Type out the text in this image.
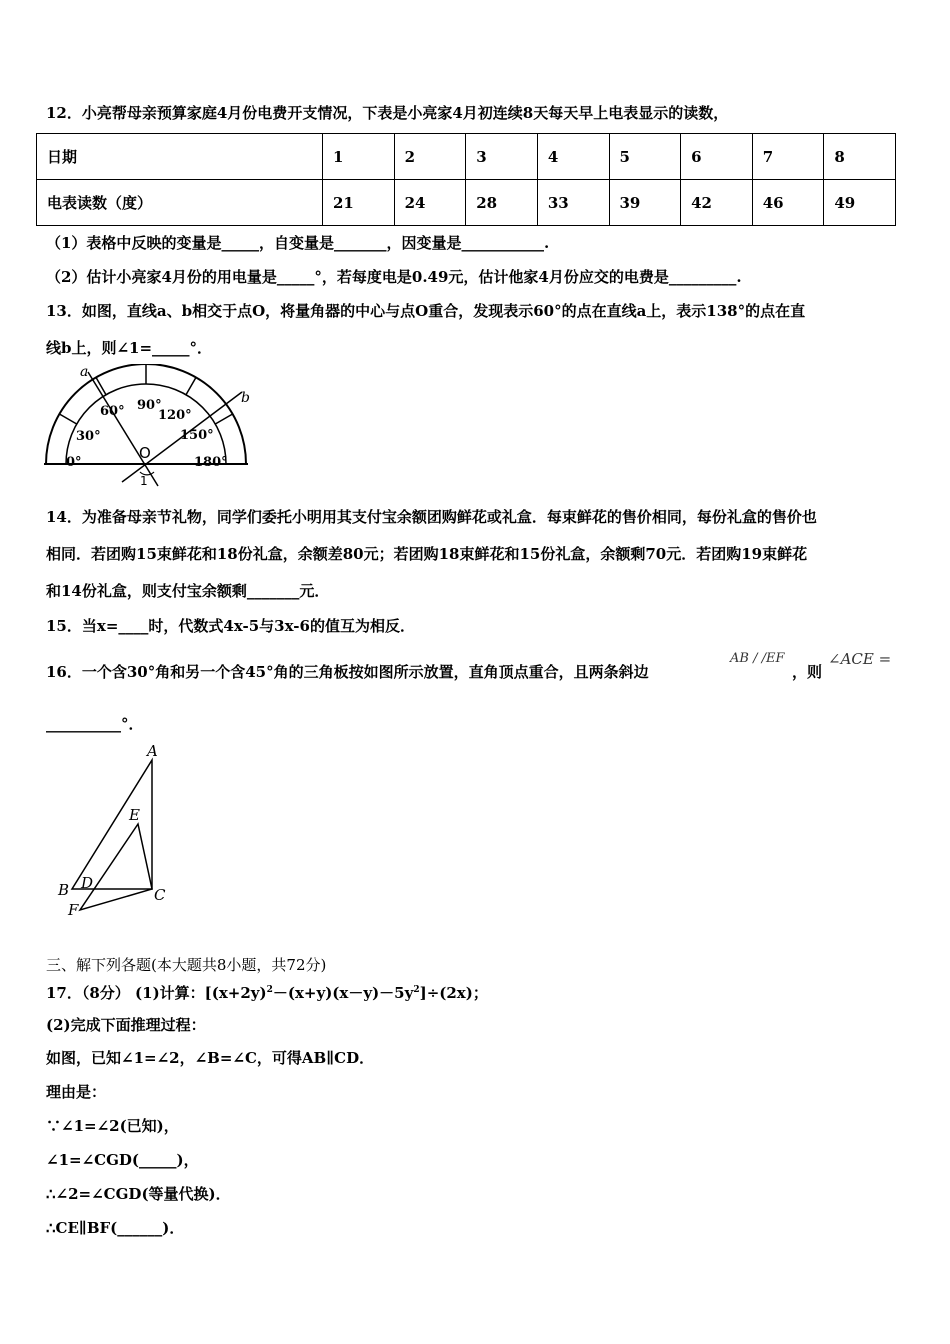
12．小亮帮母亲预算家庭4月份电费开支情况，下表是小亮家4月初连续8天每天早上电表显示的读数，
日期	1	2	3	4	5	6	7	8
电表读数（度）	21	24	28	33	39	42	46	49
（1）表格中反映的变量是_____，自变量是_______，因变量是___________.
（2）估计小亮家4月份的用电量是_____°，若每度电是0.49元，估计他家4月份应交的电费是_________.
13．如图，直线a、b相交于点O，将量角器的中心与点O重合，发现表示60°的点在直线a上，表示138°的点在直
线b上，则∠1=_____°．
a
b
O
1
0°
30°
60° 90°
120°
150°
180°
14．为准备母亲节礼物，同学们委托小明用其支付宝余额团购鲜花或礼盒．每束鲜花的售价相同，每份礼盒的售价也
相同．若团购15束鲜花和18份礼盒，余额差80元；若团购18束鲜花和15份礼盒，余额剩70元．若团购19束鲜花
和14份礼盒，则支付宝余额剩_______元．
15．当x=____时，代数式4x-5与3x-6的值互为相反．
16．一个含30°角和另一个含45°角的三角板按如图所示放置，直角顶点重合，且两条斜边
AB / /EF
，则
∠ACE =
__________°．
A
B	C
D
E
F
三、解下列各题(本大题共8小题，共72分)
17．（8分） (1)计算：$[(x+2y)^2-(x+y)(x-y)-5y^2]\div(2x)$；
(2)完成下面推理过程：
如图，已知∠1=∠2，∠B=∠C，可得AB∥CD．
理由是：
∵∠1=∠2(已知)，
∠1=∠CGD(_____)，
∴∠2=∠CGD(等量代换)．
∴CE∥BF(______)．
